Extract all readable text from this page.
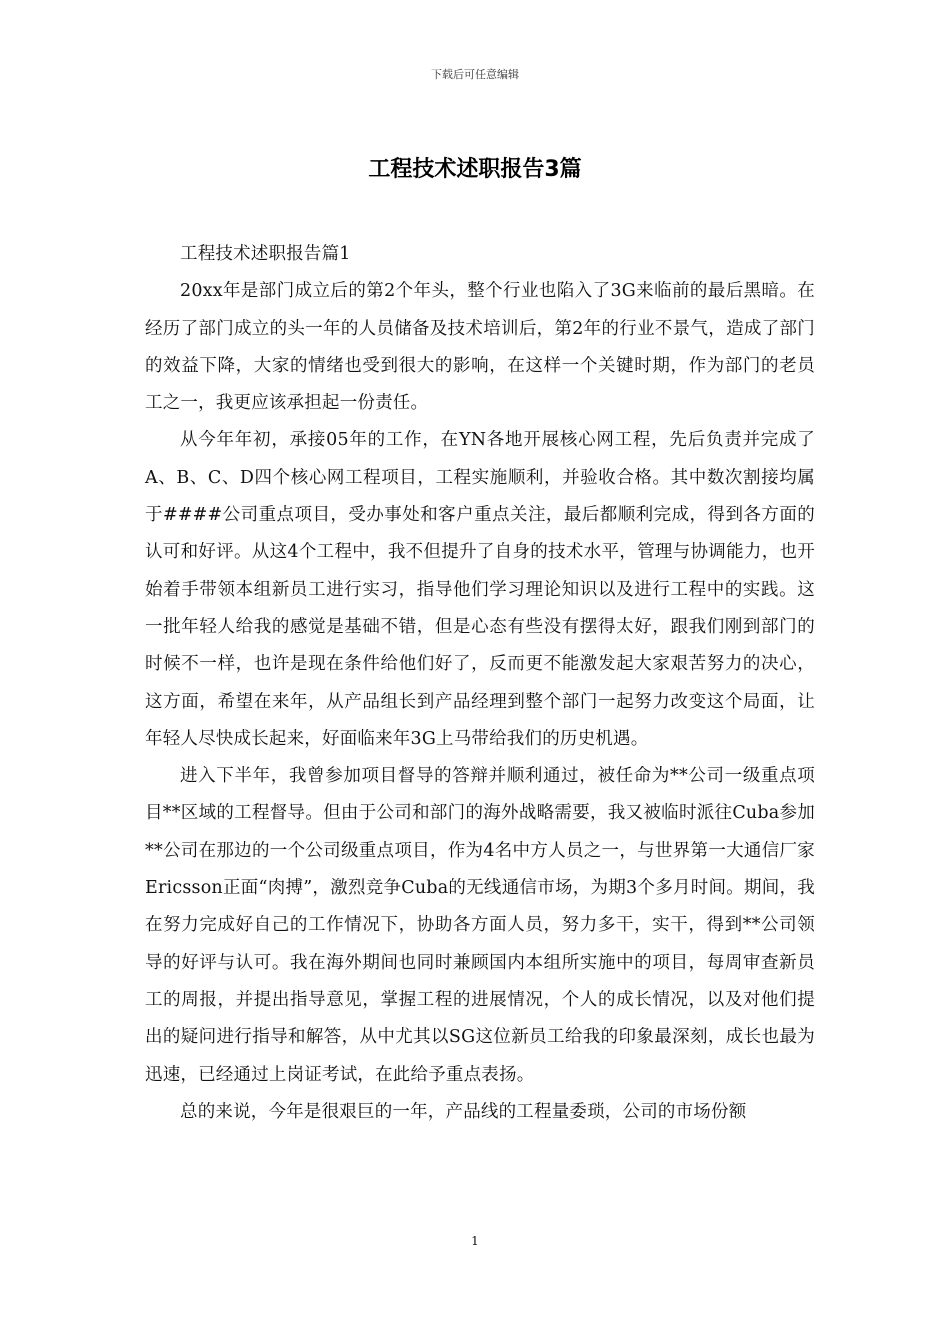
下载后可任意编辑
工程技术述职报告3篇

工程技术述职报告篇1

20xx年是部门成立后的第2个年头，整个行业也陷入了3G来临前的最后黑暗。在经历了部门成立的头一年的人员储备及技术培训后，第2年的行业不景气，造成了部门的效益下降，大家的情绪也受到很大的影响，在这样一个关键时期，作为部门的老员工之一，我更应该承担起一份责任。

从今年年初，承接05年的工作，在YN各地开展核心网工程，先后负责并完成了A、B、C、D四个核心网工程项目，工程实施顺利，并验收合格。其中数次割接均属于####公司重点项目，受办事处和客户重点关注，最后都顺利完成，得到各方面的认可和好评。从这4个工程中，我不但提升了自身的技术水平，管理与协调能力，也开始着手带领本组新员工进行实习，指导他们学习理论知识以及进行工程中的实践。这一批年轻人给我的感觉是基础不错，但是心态有些没有摆得太好，跟我们刚到部门的时候不一样，也许是现在条件给他们好了，反而更不能激发起大家艰苦努力的决心，这方面，希望在来年，从产品组长到产品经理到整个部门一起努力改变这个局面，让年轻人尽快成长起来，好面临来年3G上马带给我们的历史机遇。

进入下半年，我曾参加项目督导的答辩并顺利通过，被任命为**公司一级重点项目**区域的工程督导。但由于公司和部门的海外战略需要，我又被临时派往Cuba参加**公司在那边的一个公司级重点项目，作为4名中方人员之一，与世界第一大通信厂家Ericsson正面“肉搏”，激烈竞争Cuba的无线通信市场，为期3个多月时间。期间，我在努力完成好自己的工作情况下，协助各方面人员，努力多干，实干，得到**公司领导的好评与认可。我在海外期间也同时兼顾国内本组所实施中的项目，每周审查新员工的周报，并提出指导意见，掌握工程的进展情况，个人的成长情况，以及对他们提出的疑问进行指导和解答，从中尤其以SG这位新员工给我的印象最深刻，成长也最为迅速，已经通过上岗证考试，在此给予重点表扬。

总的来说，今年是很艰巨的一年，产品线的工程量委琐，公司的市场份额

1
